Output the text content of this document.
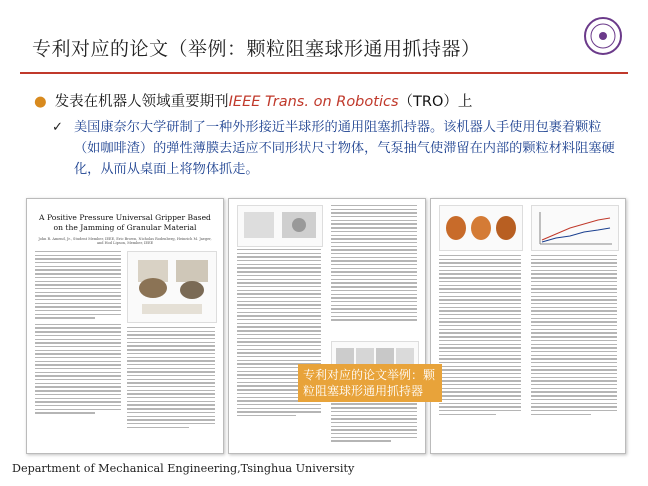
专利对应的论文（举例：颗粒阻塞球形通用抓持器）
● 发表在机器人领域重要期刊IEEE Trans. on Robotics（TRO）上
✓ 美国康奈尔大学研制了一种外形接近半球形的通用阻塞抓持器。该机器人手使用包裹着颗粒（如咖啡渣）的弹性薄膜去适应不同形状尺寸物体，气泵抽气使滞留在内部的颗粒材料阻塞硬化，从而从桌面上将物体抓走。
A Positive Pressure Universal Gripper Based on the Jamming of Granular Material
John R. Amend, Jr., Student Member, IEEE, Eric Brown, Nicholas Rodenberg, Heinrich M. Jaeger, and Hod Lipson, Member, IEEE
专利对应的论文举例：颗粒阻塞球形通用抓持器
Department of Mechanical Engineering,Tsinghua University
